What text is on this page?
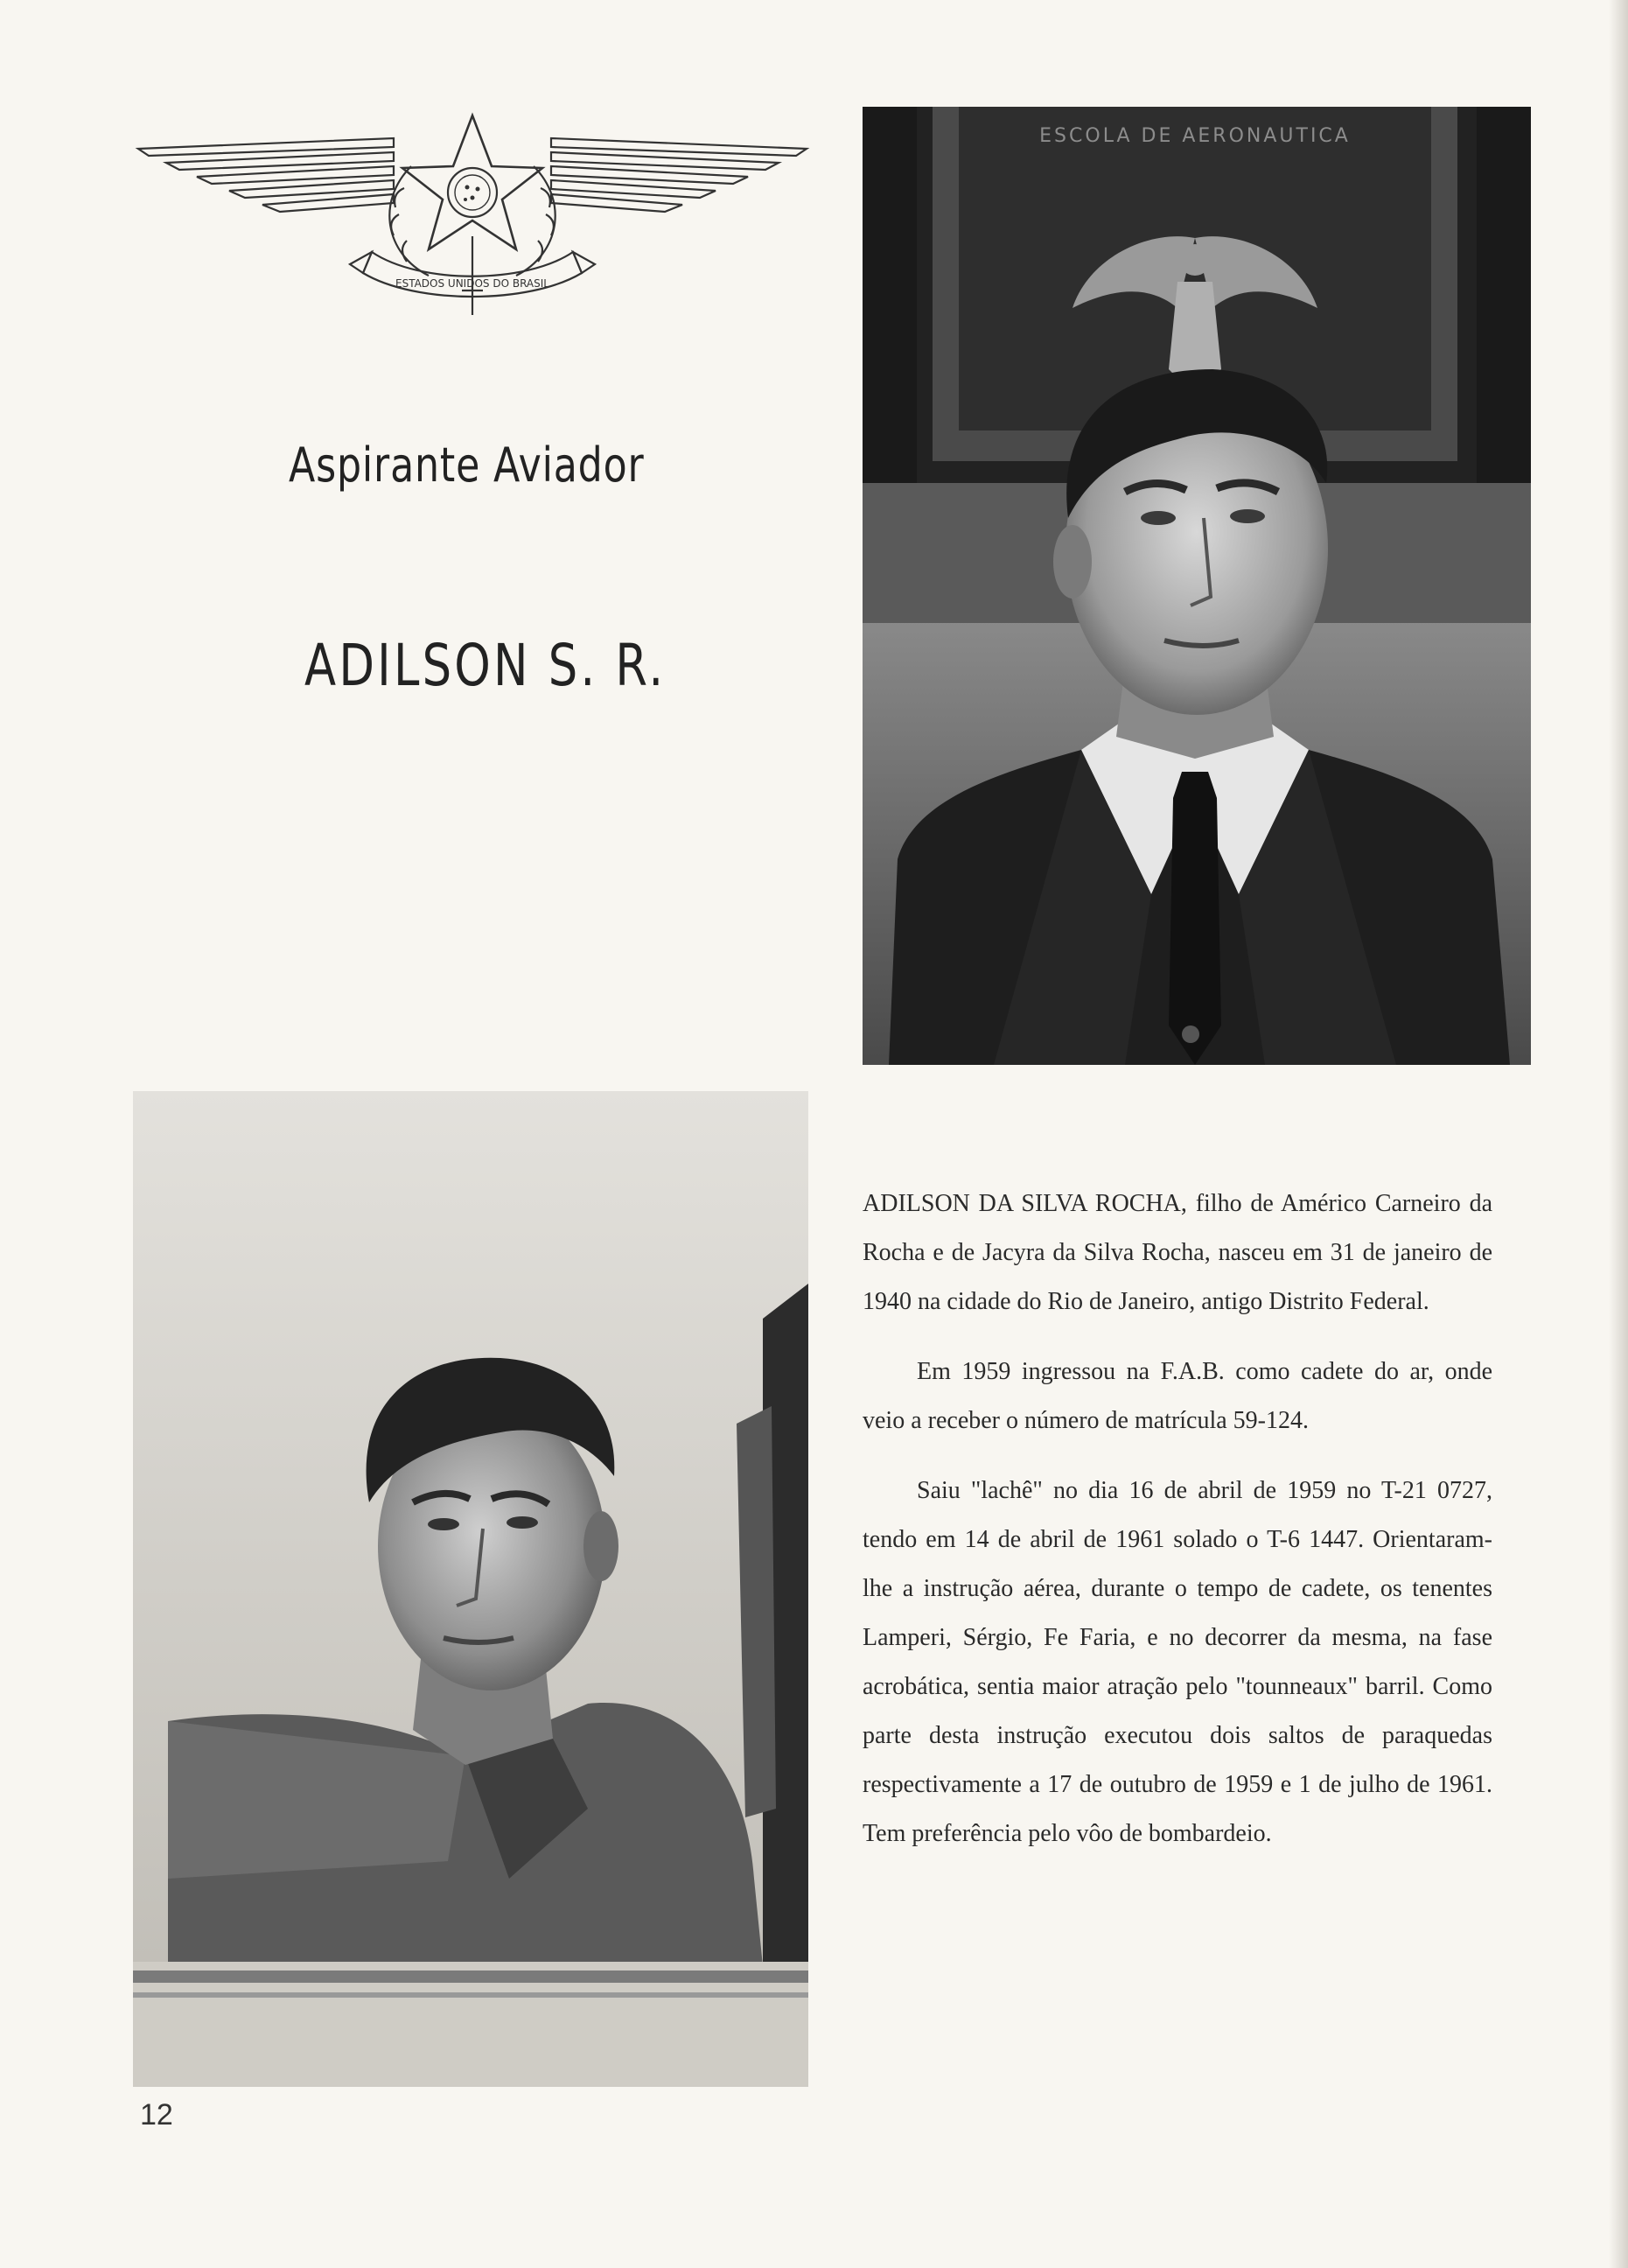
ESTADOS UNIDOS DO BRASIL
Aspirante Aviador
ADILSON S. R.
ESCOLA DE AERONAUTICA

ADILSON DA SILVA ROCHA, filho de Américo Carneiro da Rocha e de Jacyra da Silva Rocha, nasceu em 31 de janeiro de 1940 na cidade do Rio de Janeiro, antigo Distrito Federal.

Em 1959 ingressou na F.A.B. como cadete do ar, onde veio a receber o número de matrícula 59-124.

Saiu "lachê" no dia 16 de abril de 1959 no T-21 0727, tendo em 14 de abril de 1961 solado o T-6 1447. Orientaram-lhe a instrução aérea, durante o tempo de cadete, os tenentes Lamperi, Sérgio, Fe Faria, e no decorrer da mesma, na fase acrobática, sentia maior atração pelo "tounneaux" barril. Como parte desta instrução executou dois saltos de paraquedas respectivamente a 17 de outubro de 1959 e 1 de julho de 1961. Tem preferência pelo vôo de bombardeio.

12
